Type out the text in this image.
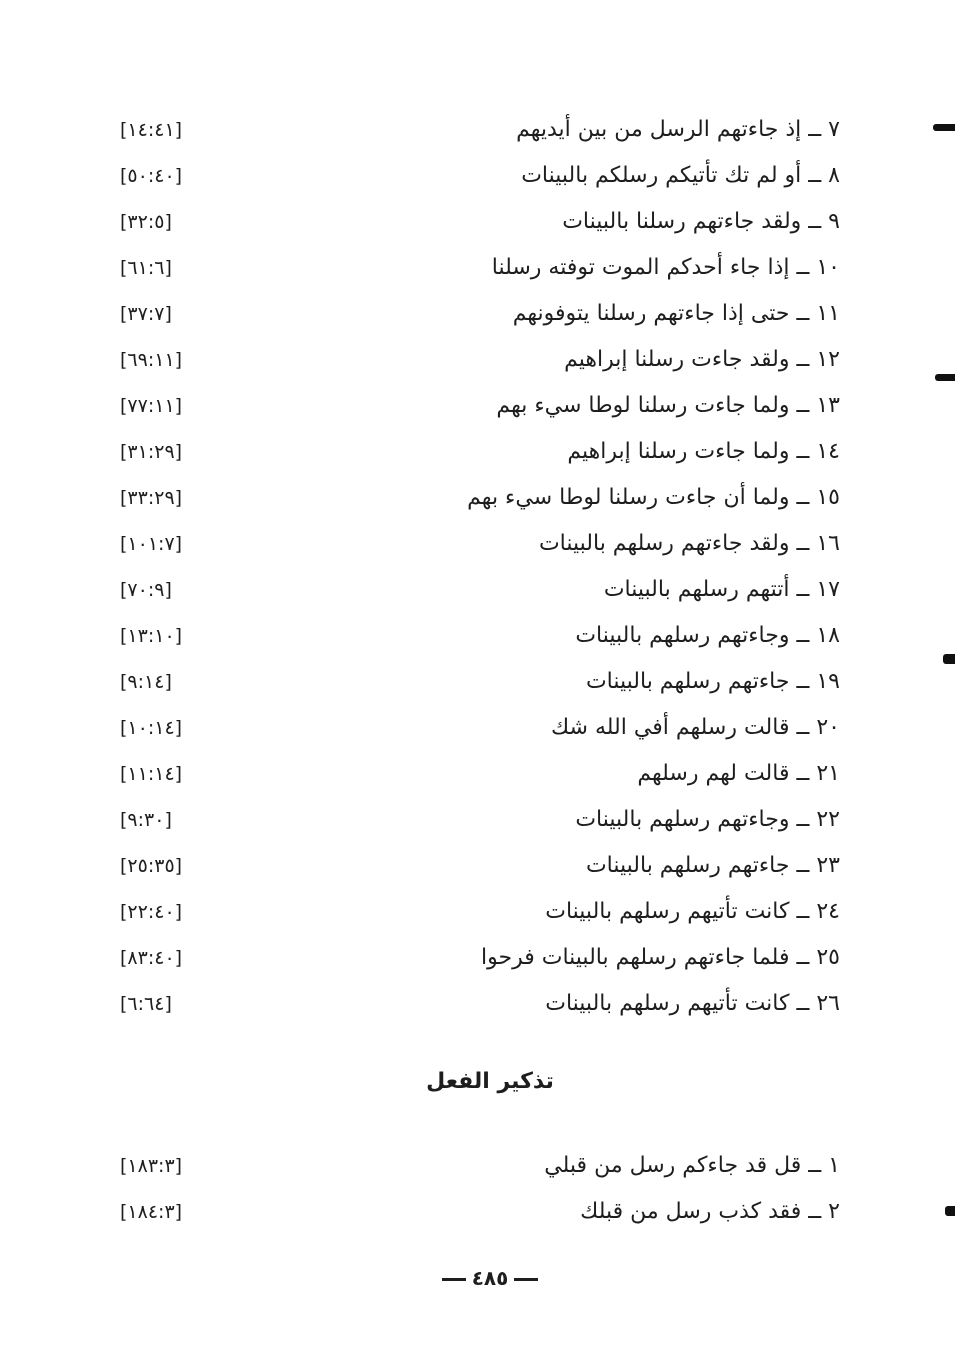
٧ ــ إذ جاءتهم الرسل من بين أيديهم
[١٤:٤١]
٨ ــ أو لم تك تأتيكم رسلكم بالبينات
[٥٠:٤٠]
٩ ــ ولقد جاءتهم رسلنا بالبينات
[٣٢:٥]
١٠ ــ إذا جاء أحدكم الموت توفته رسلنا
[٦١:٦]
١١ ــ حتى إذا جاءتهم رسلنا يتوفونهم
[٣٧:٧]
١٢ ــ ولقد جاءت رسلنا إبراهيم
[٦٩:١١]
١٣ ــ ولما جاءت رسلنا لوطا سيء بهم
[٧٧:١١]
١٤ ــ ولما جاءت رسلنا إبراهيم
[٣١:٢٩]
١٥ ــ ولما أن جاءت رسلنا لوطا سيء بهم
[٣٣:٢٩]
١٦ ــ ولقد جاءتهم رسلهم بالبينات
[١٠١:٧]
١٧ ــ أتتهم رسلهم بالبينات
[٧٠:٩]
١٨ ــ وجاءتهم رسلهم بالبينات
[١٣:١٠]
١٩ ــ جاءتهم رسلهم بالبينات
[٩:١٤]
٢٠ ــ قالت رسلهم أفي الله شك
[١٠:١٤]
٢١ ــ قالت لهم رسلهم
[١١:١٤]
٢٢ ــ وجاءتهم رسلهم بالبينات
[٩:٣٠]
٢٣ ــ جاءتهم رسلهم بالبينات
[٢٥:٣٥]
٢٤ ــ كانت تأتيهم رسلهم بالبينات
[٢٢:٤٠]
٢٥ ــ فلما جاءتهم رسلهم بالبينات فرحوا
[٨٣:٤٠]
٢٦ ــ كانت تأتيهم رسلهم بالبينات
[٦:٦٤]
تذكير الفعل
١ ــ قل قد جاءكم رسل من قبلي
[١٨٣:٣]
٢ ــ فقد كذب رسل من قبلك
[١٨٤:٣]
٤٨٥
